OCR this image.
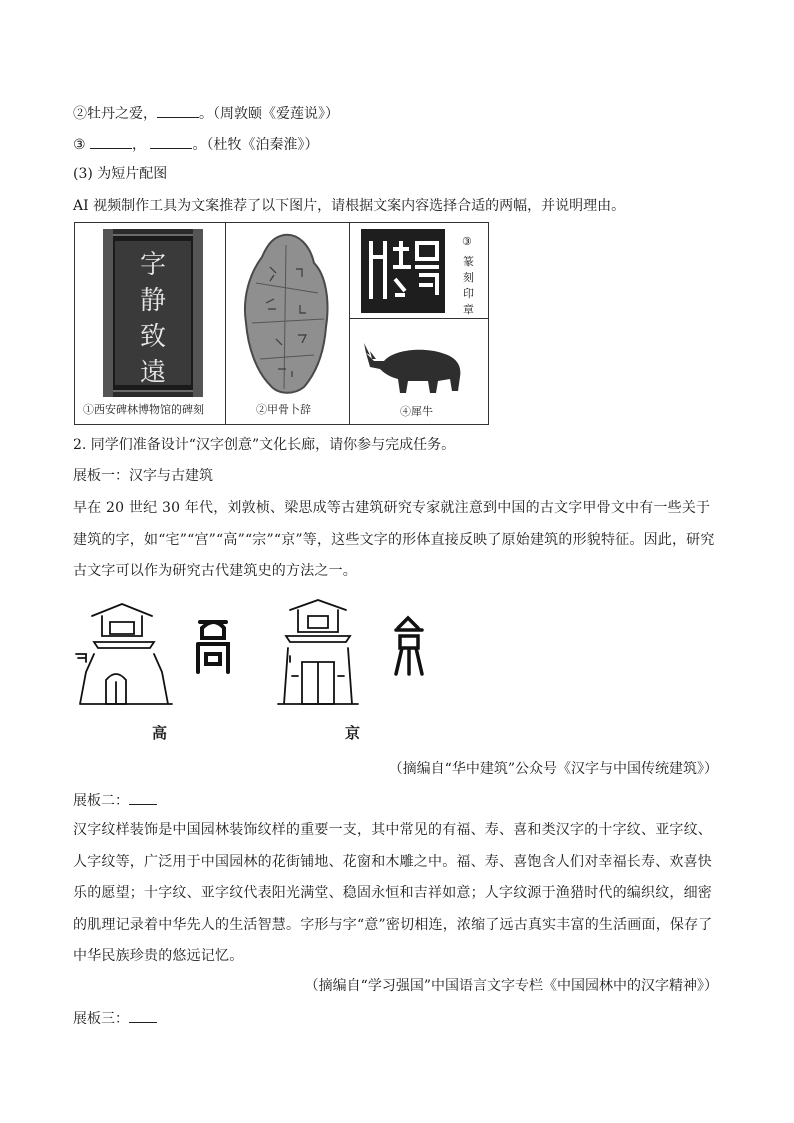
②牡丹之爱，	。（周敦颐《爱莲说》）
③	，	。（杜牧《泊秦淮》）
(3) 为短片配图
AI 视频制作工具为文案推荐了以下图片，请根据文案内容选择合适的两幅，并说明理由。
字
静
致
遠
①西安碑林博物馆的碑刻	②甲骨卜辞
③
篆
刻
印
章
④犀牛
2. 同学们准备设计“汉字创意”文化长廊，请你参与完成任务。
展板一：汉字与古建筑
早在 20 世纪 30 年代，刘敦桢、梁思成等古建筑研究专家就注意到中国的古文字甲骨文中有一些关于建筑的字，如“宅”“宫”“高”“宗”“京”等，这些文字的形体直接反映了原始建筑的形貌特征。因此，研究古文字可以作为研究古代建筑史的方法之一。
高	京
（摘编自“华中建筑”公众号《汉字与中国传统建筑》）
展板二：
汉字纹样装饰是中国园林装饰纹样的重要一支，其中常见的有福、寿、喜和类汉字的十字纹、亚字纹、人字纹等，广泛用于中国园林的花街铺地、花窗和木雕之中。福、寿、喜饱含人们对幸福长寿、欢喜快乐的愿望；十字纹、亚字纹代表阳光满堂、稳固永恒和吉祥如意；人字纹源于渔猎时代的编织纹，细密的肌理记录着中华先人的生活智慧。字形与字“意”密切相连，浓缩了远古真实丰富的生活画面，保存了中华民族珍贵的悠远记忆。
（摘编自“学习强国”中国语言文字专栏《中国园林中的汉字精神》）
展板三：
